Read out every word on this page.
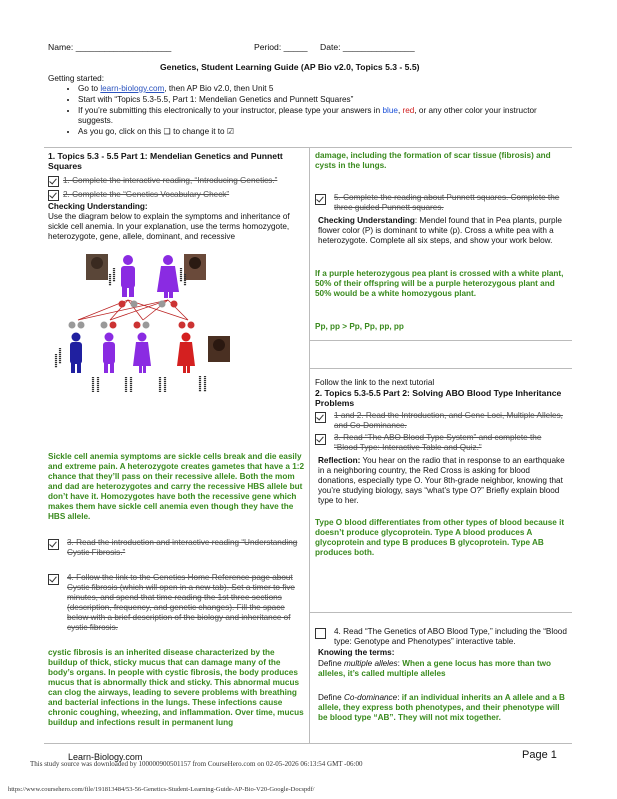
Name: ____________________	Period: _____ Date: _______________
Genetics, Student Learning Guide (AP Bio v2.0, Topics 5.3 - 5.5)
Getting started:
• Go to learn-biology.com, then AP Bio v2.0, then Unit 5
• Start with “Topics 5.3-5.5, Part 1: Mendelian Genetics and Punnett Squares”
• If you’re submitting this electronically to your instructor, please type your answers in blue, red, or any other color your instructor suggests.
• As you go, click on this ❑ to change it to ☑
1. Topics 5.3 - 5.5 Part 1: Mendelian Genetics and Punnett Squares
1. Complete the interactive reading, “Introducing Genetics.”
2. Complete the “Genetics Vocabulary Check”
Checking Understanding:
Use the diagram below to explain the symptoms and inheritance of sickle cell anemia. In your explanation, use the terms homozygote, heterozygote, gene, allele, dominant, and recessive
Sickle cell anemia symptoms are sickle cells break and die easily and extreme pain. A heterozygote creates gametes that have a 1:2 chance that they’ll pass on their recessive allele. Both the mom and dad are heterozygotes and carry the recessive HBS allele but don’t have it. Homozygotes have both the recessive gene which makes them have sickle cell anemia even though they have the HBS allele.
3. Read the introduction and interactive reading “Understanding Cystic Fibrosis.”
4. Follow the link to the Genetics Home Reference page about Cystic fibrosis (which will open in a new tab). Set a timer to five minutes, and spend that time reading the 1st three sections (description, frequency, and genetic changes). Fill the space below with a brief description of the biology and inheritance of cystic fibrosis.
cystic fibrosis is an inherited disease characterized by the buildup of thick, sticky mucus that can damage many of the body’s organs. In people with cystic fibrosis, the body produces mucus that is abnormally thick and sticky. This abnormal mucus can clog the airways, leading to severe problems with breathing and bacterial infections in the lungs. These infections cause chronic coughing, wheezing, and inflammation. Over time, mucus buildup and infections result in permanent lung
damage, including the formation of scar tissue (fibrosis) and cysts in the lungs.
5. Complete the reading about Punnett squares. Complete the three guided Punnett squares.
Checking Understanding: Mendel found that in Pea plants, purple flower color (P) is dominant to white (p). Cross a white pea with a heterozygote. Complete all six steps, and show your work below.
If a purple heterozygous pea plant is crossed with a white plant, 50% of their offspring will be a purple heterozygous plant and 50% would be a white homozygous plant.
Pp, pp > Pp, Pp, pp, pp
Follow the link to the next tutorial
2. Topics 5.3-5.5 Part 2: Solving ABO Blood Type Inheritance Problems
1 and 2. Read the Introduction, and Gene Loci, Multiple Alleles, and Co-Dominance.
3. Read “The ABO Blood Type System” and complete the “Blood Type: Interactive Table and Quiz.”
Reflection: You hear on the radio that in response to an earthquake in a neighboring country, the Red Cross is asking for blood donations, especially type O. Your 8th-grade neighbor, knowing that you’re studying biology, says “what’s type O?” Briefly explain blood type to her.
Type O blood differentiates from other types of blood because it doesn’t produce glycoprotein. Type A blood produces A glycoprotein and type B produces B glycoprotein. Type AB produces both.
4. Read “The Genetics of ABO Blood Type,” including the “Blood type: Genotype and Phenotypes” interactive table.
Knowing the terms:
Define multiple alleles: When a gene locus has more than two alleles, it’s called multiple alleles
Define Co-dominance: if an individual inherits an A allele and a B allele, they express both phenotypes, and their phenotype will be blood type “AB”. They will not mix together.
Learn-Biology.com	Page 1
This study source was downloaded by 100000900501157 from CourseHero.com on 02-05-2026 06:13:54 GMT -06:00
https://www.coursehero.com/file/191813484/53-56-Genetics-Student-Learning-Guide-AP-Bio-V20-Google-Docspdf/
